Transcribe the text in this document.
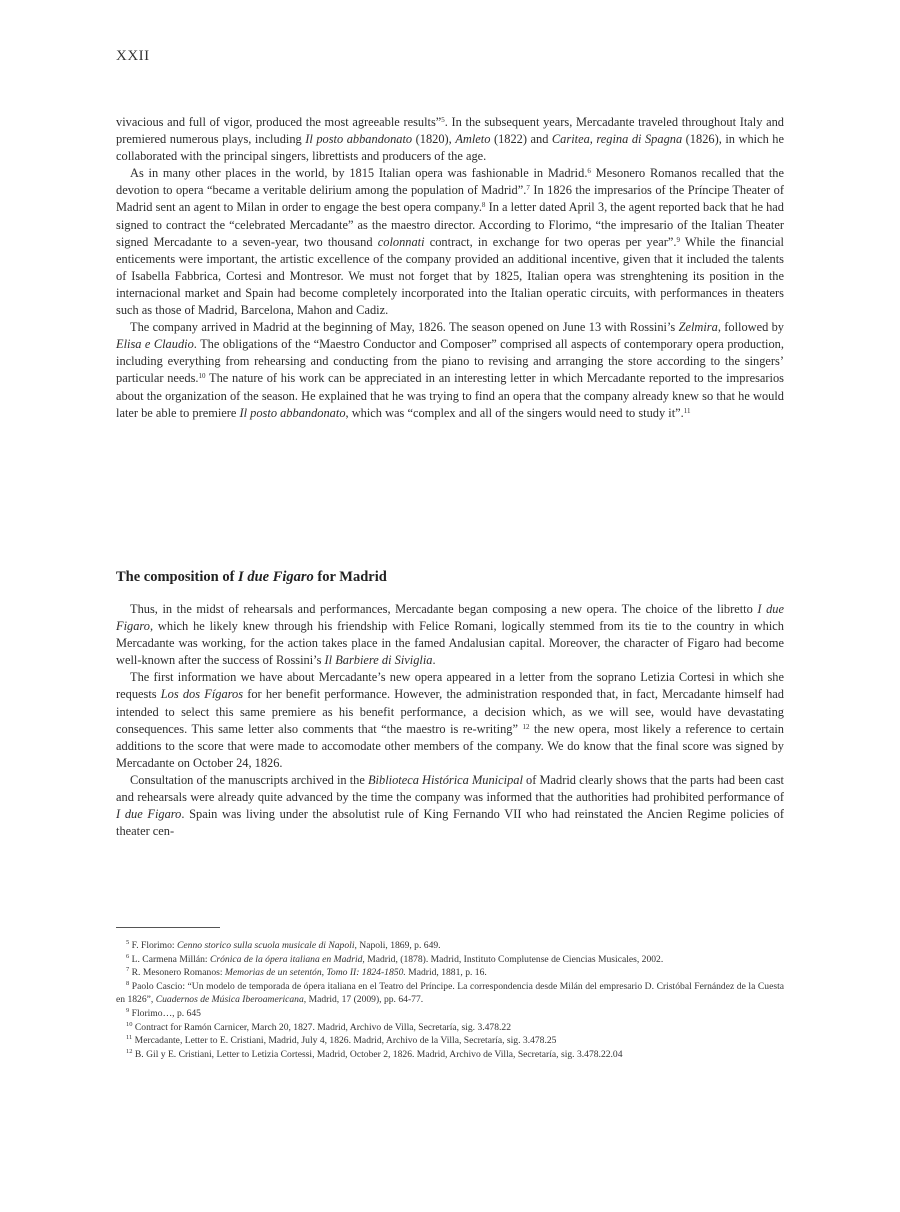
XXII

vivacious and full of vigor, produced the most agreeable results”$^5$. In the subsequent years, Mercadante traveled throughout Italy and premiered numerous plays, including Il posto abbandonato (1820), Amleto (1822) and Caritea, regina di Spagna (1826), in which he collaborated with the principal singers, librettists and producers of the age.

As in many other places in the world, by 1815 Italian opera was fashionable in Madrid.$^6$ Mesonero Romanos recalled that the devotion to opera “became a veritable delirium among the population of Madrid”.$^7$ In 1826 the impresarios of the Príncipe Theater of Madrid sent an agent to Milan in order to engage the best opera company.$^8$ In a letter dated April 3, the agent reported back that he had signed to contract the “celebrated Mercadante” as the maestro director. According to Florimo, “the impresario of the Italian Theater signed Mercadante to a seven-year, two thousand colonnati contract, in exchange for two operas per year”.$^9$ While the financial enticements were important, the artistic excellence of the company provided an additional incentive, given that it included the talents of Isabella Fabbrica, Cortesi and Montresor. We must not forget that by 1825, Italian opera was strenghtening its position in the internacional market and Spain had become completely incorporated into the Italian operatic circuits, with performances in theaters such as those of Madrid, Barcelona, Mahon and Cadiz.

The company arrived in Madrid at the beginning of May, 1826. The season opened on June 13 with Rossini’s Zelmira, followed by Elisa e Claudio. The obligations of the “Maestro Conductor and Composer” comprised all aspects of contemporary opera production, including everything from rehearsing and conducting from the piano to revising and arranging the store according to the singers’ particular needs.$^{10}$ The nature of his work can be appreciated in an interesting letter in which Mercadante reported to the impresarios about the organization of the season. He explained that he was trying to find an opera that the company already knew so that he would later be able to premiere Il posto abbandonato, which was “complex and all of the singers would need to study it”.$^{11}$

The composition of I due Figaro for Madrid

Thus, in the midst of rehearsals and performances, Mercadante began composing a new opera. The choice of the libretto I due Figaro, which he likely knew through his friendship with Felice Romani, logically stemmed from its tie to the country in which Mercadante was working, for the action takes place in the famed Andalusian capital. Moreover, the character of Figaro had become well-known after the success of Rossini’s Il Barbiere di Siviglia.

The first information we have about Mercadante’s new opera appeared in a letter from the soprano Letizia Cortesi in which she requests Los dos Fígaros for her benefit performance. However, the administration responded that, in fact, Mercadante himself had intended to select this same premiere as his benefit performance, a decision which, as we will see, would have devastating consequences. This same letter also comments that “the maestro is re-writing” $^{12}$ the new opera, most likely a reference to certain additions to the score that were made to accomodate other members of the company. We do know that the final score was signed by Mercadante on October 24, 1826.

Consultation of the manuscripts archived in the Biblioteca Histórica Municipal of Madrid clearly shows that the parts had been cast and rehearsals were already quite advanced by the time the company was informed that the authorities had prohibited performance of I due Figaro. Spain was living under the absolutist rule of King Fernando VII who had reinstated the Ancien Regime policies of theater cen-

$^5$ F. Florimo: Cenno storico sulla scuola musicale di Napoli, Napoli, 1869, p. 649.

$^6$ L. Carmena Millán: Crónica de la ópera italiana en Madrid, Madrid, (1878). Madrid, Instituto Complutense de Ciencias Musicales, 2002.

$^7$ R. Mesonero Romanos: Memorias de un setentón, Tomo II: 1824-1850. Madrid, 1881, p. 16.

$^8$ Paolo Cascio: “Un modelo de temporada de ópera italiana en el Teatro del Príncipe. La correspondencia desde Milán del empresario D. Cristóbal Fernández de la Cuesta en 1826”, Cuadernos de Música Iberoamericana, Madrid, 17 (2009), pp. 64-77.

$^9$ Florimo…, p. 645

$^{10}$ Contract for Ramón Carnicer, March 20, 1827. Madrid, Archivo de Villa, Secretaría, sig. 3.478.22

$^{11}$ Mercadante, Letter to E. Cristiani, Madrid, July 4, 1826. Madrid, Archivo de la Villa, Secretaría, sig. 3.478.25

$^{12}$ B. Gil y E. Cristiani, Letter to Letizia Cortessi, Madrid, October 2, 1826. Madrid, Archivo de Villa, Secretaría, sig. 3.478.22.04
